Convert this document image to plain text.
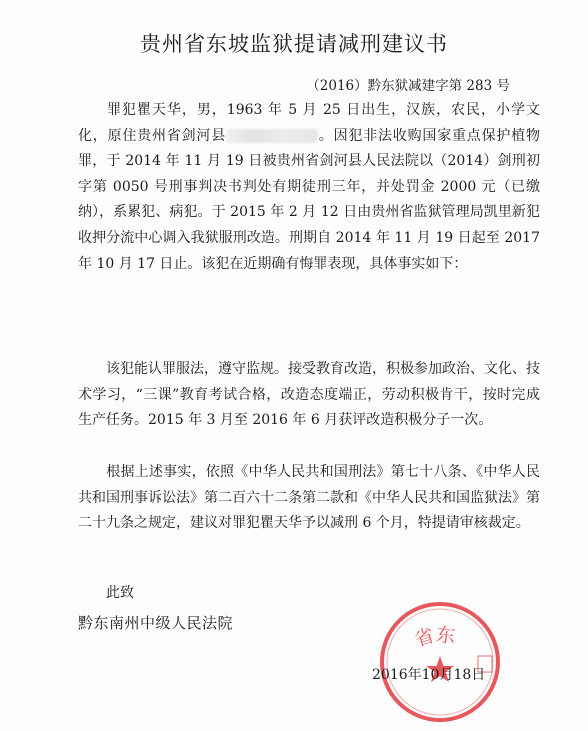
贵州省东坡监狱提请减刑建议书
（2016）黔东狱减建字第 283 号
罪犯瞿天华，男，1963 年 5 月 25 日出生，汉族，农民，小学文化，原住贵州省剑河县	。因犯非法收购国家重点保护植物罪，于 2014 年 11 月 19 日被贵州省剑河县人民法院以（2014）剑刑初字第 0050 号刑事判决书判处有期徒刑三年，并处罚金 2000 元（已缴纳），系累犯、病犯。于 2015 年 2 月 12 日由贵州省监狱管理局凯里新犯收押分流中心调入我狱服刑改造。刑期自 2014 年 11 月 19 日起至 2017 年 10 月 17 日止。该犯在近期确有悔罪表现，具体事实如下：
该犯能认罪服法，遵守监规。接受教育改造，积极参加政治、文化、技术学习，“三课”教育考试合格，改造态度端正，劳动积极肯干，按时完成生产任务。2015 年 3 月至 2016 年 6 月获评改造积极分子一次。
根据上述事实，依照《中华人民共和国刑法》第七十八条、《中华人民共和国刑事诉讼法》第二百六十二条第二款和《中华人民共和国监狱法》第二十九条之规定，建议对罪犯瞿天华予以减刑 6 个月，特提请审核裁定。
此致
黔东南州中级人民法院
省东
2016年10月18日
